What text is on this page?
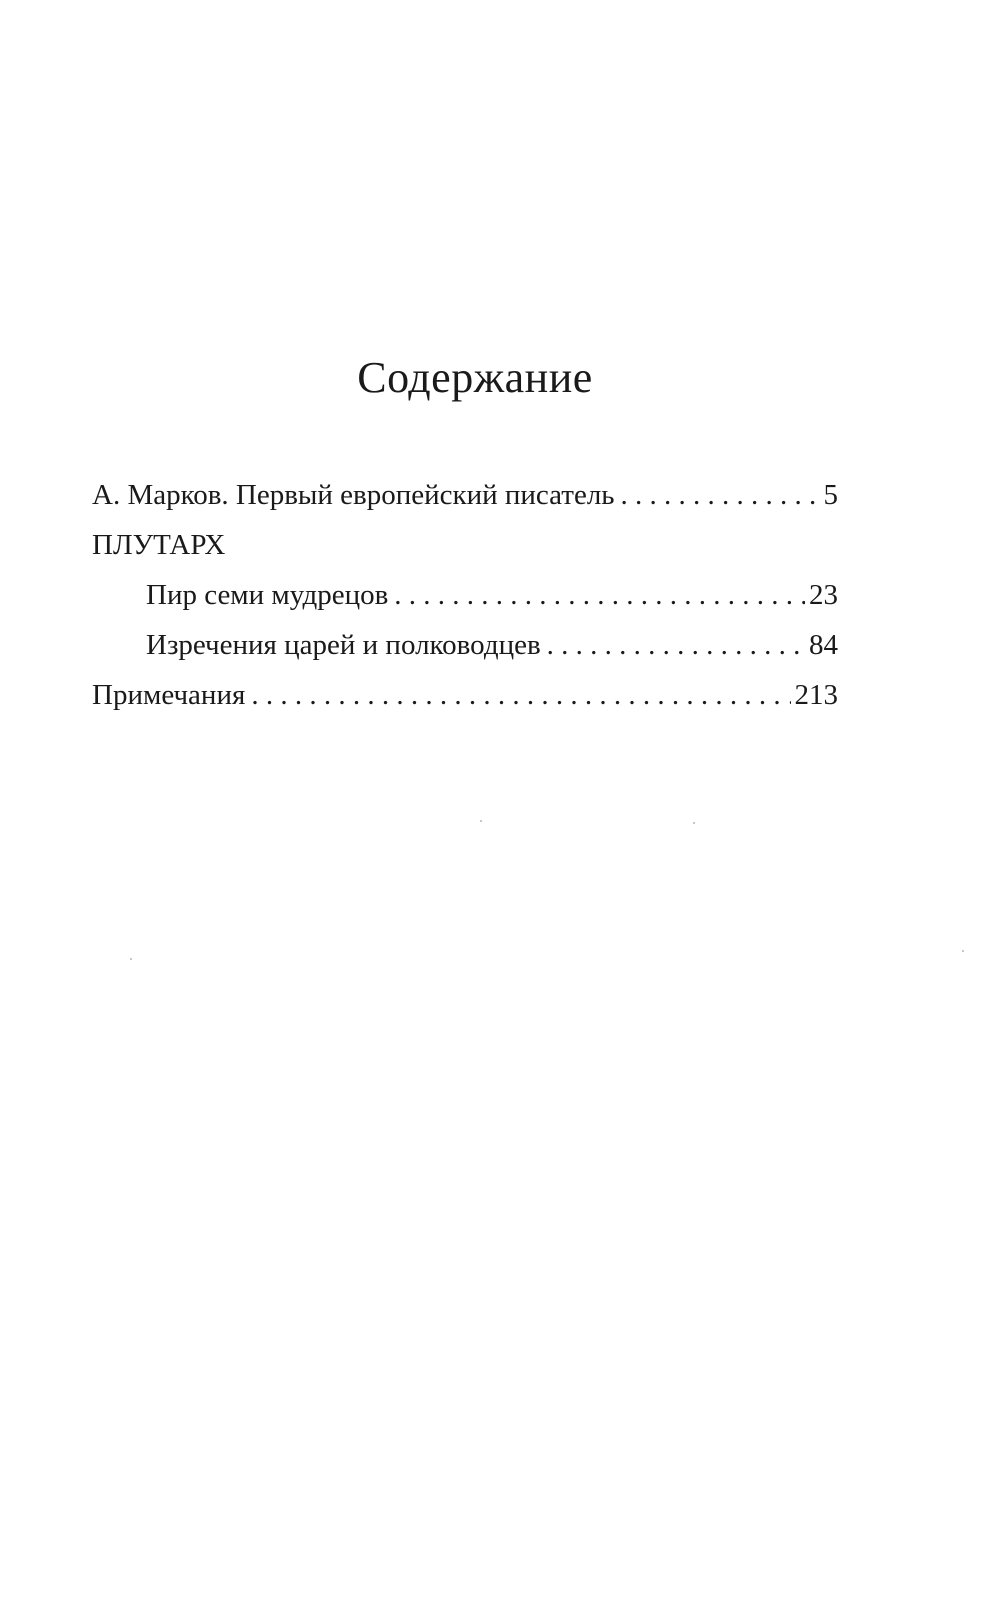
Содержание
А. Марков. Первый европейский писатель . . .	5
ПЛУТАРХ
Пир семи мудрецов . . .	23
Изречения царей и полководцев . . .	84
Примечания . . .	213
